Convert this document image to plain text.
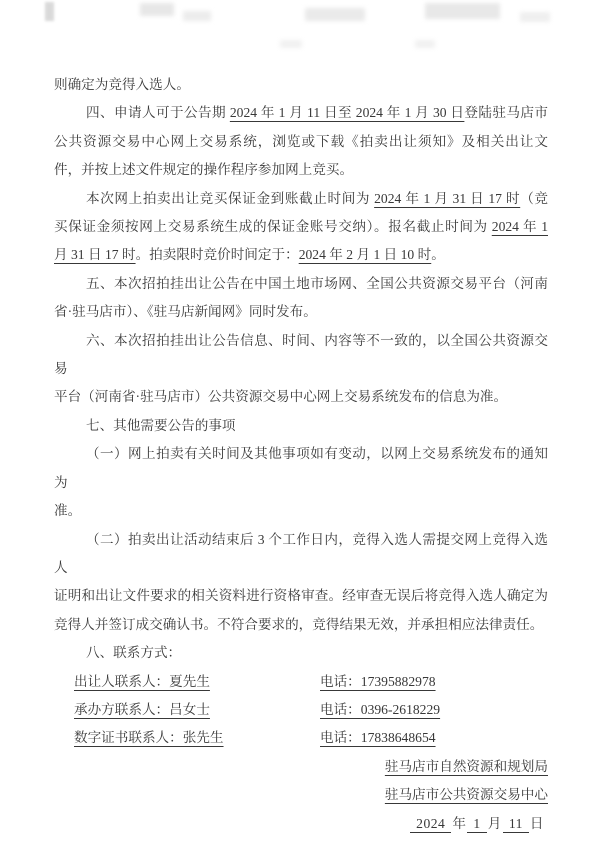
则确定为竞得入选人。
四、申请人可于公告期 2024 年 1 月 11 日至 2024 年 1 月 30 日登陆驻马店市
公共资源交易中心网上交易系统，浏览或下载《拍卖出让须知》及相关出让文
件，并按上述文件规定的操作程序参加网上竞买。
本次网上拍卖出让竞买保证金到账截止时间为 2024 年 1 月 31 日 17 时（竞
买保证金须按网上交易系统生成的保证金账号交纳）。报名截止时间为 2024 年 1
月 31 日 17 时。拍卖限时竞价时间定于：2024 年 2 月 1 日 10 时。
五、本次招拍挂出让公告在中国土地市场网、全国公共资源交易平台（河南
省·驻马店市）、《驻马店新闻网》同时发布。
六、本次招拍挂出让公告信息、时间、内容等不一致的，以全国公共资源交易
平台（河南省·驻马店市）公共资源交易中心网上交易系统发布的信息为准。
七、其他需要公告的事项
（一）网上拍卖有关时间及其他事项如有变动，以网上交易系统发布的通知为
准。
（二）拍卖出让活动结束后 3 个工作日内，竞得入选人需提交网上竞得入选人
证明和出让文件要求的相关资料进行资格审查。经审查无误后将竞得入选人确定为
竞得人并签订成交确认书。不符合要求的，竞得结果无效，并承担相应法律责任。
八、联系方式：
出让人联系人：夏先生	电话：17395882978
承办方联系人：吕女士	电话：0396-2618229
数字证书联系人：张先生	电话：17838648654
驻马店市自然资源和规划局
驻马店市公共资源交易中心
2024 年 1 月 11 日
